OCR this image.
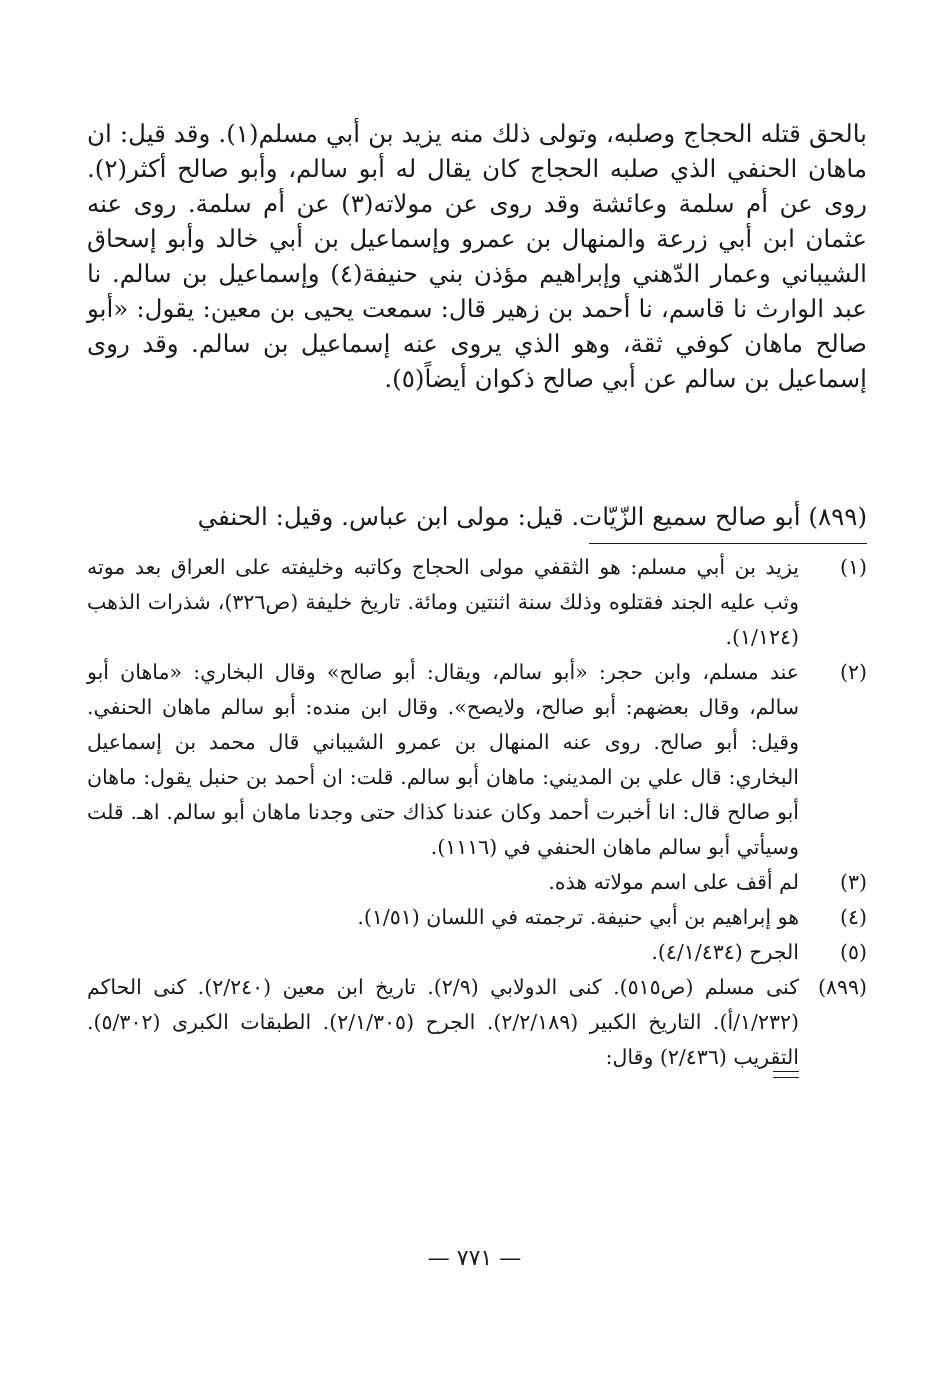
بالحق قتله الحجاج وصلبه، وتولى ذلك منه يزيد بن أبي مسلم(١). وقد قيل: ان ماهان الحنفي الذي صلبه الحجاج كان يقال له أبو سالم، وأبو صالح أكثر(٢). روى عن أم سلمة وعائشة وقد روى عن مولاته(٣) عن أم سلمة. روى عنه عثمان ابن أبي زرعة والمنهال بن عمرو وإسماعيل بن أبي خالد وأبو إسحاق الشيباني وعمار الدّهني وإبراهيم مؤذن بني حنيفة(٤) وإسماعيل بن سالم. نا عبد الوارث نا قاسم، نا أحمد بن زهير قال: سمعت يحيى بن معين: يقول: «أبو صالح ماهان كوفي ثقة، وهو الذي يروى عنه إسماعيل بن سالم. وقد روى إسماعيل بن سالم عن أبي صالح ذكوان أيضاً(٥).

(٨٩٩) أبو صالح سميع الزّيّات. قيل: مولى ابن عباس. وقيل: الحنفي
(١)
يزيد بن أبي مسلم: هو الثقفي مولى الحجاج وكاتبه وخليفته على العراق بعد موته وثب عليه الجند فقتلوه وذلك سنة اثنتين ومائة. تاريخ خليفة (ص٣٢٦)، شذرات الذهب (١/١٢٤).
(٢)
عند مسلم، وابن حجر: «أبو سالم، ويقال: أبو صالح» وقال البخاري: «ماهان أبو سالم، وقال بعضهم: أبو صالح، ولايصح». وقال ابن منده: أبو سالم ماهان الحنفي. وقيل: أبو صالح. روى عنه المنهال بن عمرو الشيباني قال محمد بن إسماعيل البخاري: قال علي بن المديني: ماهان أبو سالم. قلت: ان أحمد بن حنبل يقول: ماهان أبو صالح قال: انا أخبرت أحمد وكان عندنا كذاك حتى وجدنا ماهان أبو سالم. اهـ. قلت وسيأتي أبو سالم ماهان الحنفي في (١١١٦).
(٣)
لم أقف على اسم مولاته هذه.
(٤)
هو إبراهيم بن أبي حنيفة. ترجمته في اللسان (١/٥١).
(٥)
الجرح (٤/١/٤٣٤).
(٨٩٩)
كنى مسلم (ص٥١٥). كنى الدولابي (٢/٩). تاريخ ابن معين (٢/٢٤٠). كنى الحاكم (١/٢٣٢/أ). التاريخ الكبير (٢/٢/١٨٩). الجرح (٢/١/٣٠٥). الطبقات الكبرى (٥/٣٠٢). التقريب (٢/٤٣٦) وقال:
— ٧٧١ —
